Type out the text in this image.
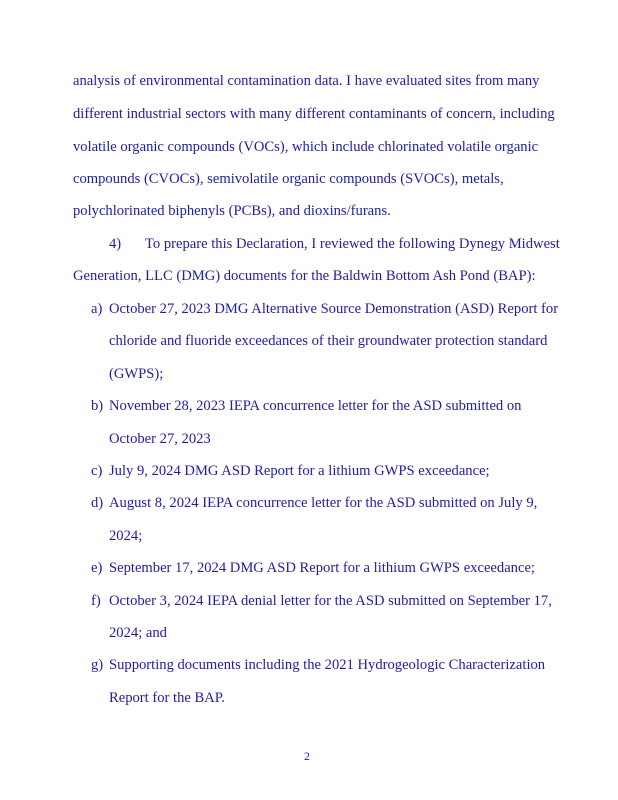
analysis of environmental contamination data. I have evaluated sites from many
different industrial sectors with many different contaminants of concern, including
volatile organic compounds (VOCs), which include chlorinated volatile organic
compounds (CVOCs), semivolatile organic compounds (SVOCs), metals,
polychlorinated biphenyls (PCBs), and dioxins/furans.
4) To prepare this Declaration, I reviewed the following Dynegy Midwest
Generation, LLC (DMG) documents for the Baldwin Bottom Ash Pond (BAP):
a) October 27, 2023 DMG Alternative Source Demonstration (ASD) Report for
chloride and fluoride exceedances of their groundwater protection standard
(GWPS);
b) November 28, 2023 IEPA concurrence letter for the ASD submitted on
October 27, 2023
c) July 9, 2024 DMG ASD Report for a lithium GWPS exceedance;
d) August 8, 2024 IEPA concurrence letter for the ASD submitted on July 9,
2024;
e) September 17, 2024 DMG ASD Report for a lithium GWPS exceedance;
f) October 3, 2024 IEPA denial letter for the ASD submitted on September 17,
2024; and
g) Supporting documents including the 2021 Hydrogeologic Characterization
Report for the BAP.
2
